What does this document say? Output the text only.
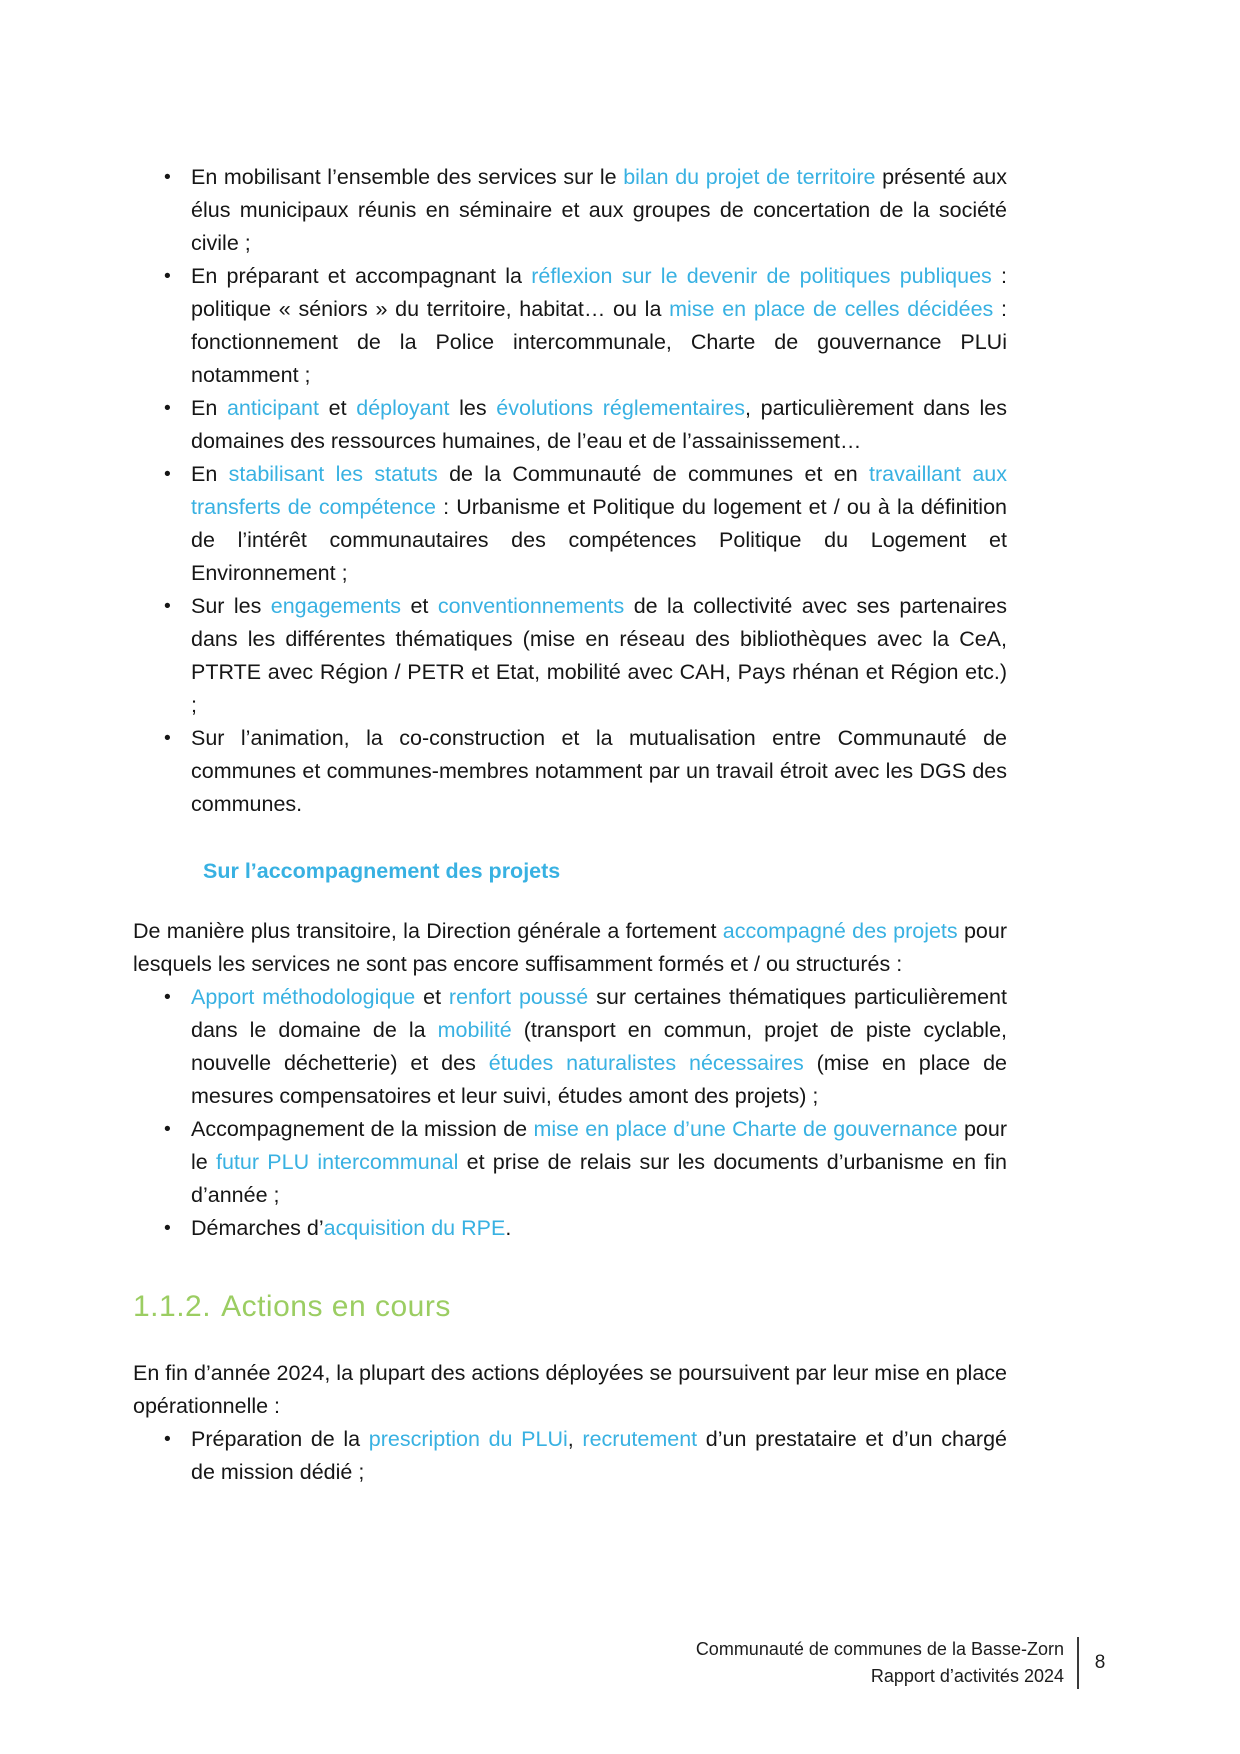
• En mobilisant l’ensemble des services sur le bilan du projet de territoire présenté aux élus municipaux réunis en séminaire et aux groupes de concertation de la société civile ;
• En préparant et accompagnant la réflexion sur le devenir de politiques publiques : politique « séniors » du territoire, habitat… ou la mise en place de celles décidées : fonctionnement de la Police intercommunale, Charte de gouvernance PLUi notamment ;
• En anticipant et déployant les évolutions réglementaires, particulièrement dans les domaines des ressources humaines, de l’eau et de l’assainissement…
• En stabilisant les statuts de la Communauté de communes et en travaillant aux transferts de compétence : Urbanisme et Politique du logement et / ou à la définition de l’intérêt communautaires des compétences Politique du Logement et Environnement ;
• Sur les engagements et conventionnements de la collectivité avec ses partenaires dans les différentes thématiques (mise en réseau des bibliothèques avec la CeA, PTRTE avec Région / PETR et Etat, mobilité avec CAH, Pays rhénan et Région etc.) ;
• Sur l’animation, la co-construction et la mutualisation entre Communauté de communes et communes-membres notamment par un travail étroit avec les DGS des communes.
Sur l’accompagnement des projets

De manière plus transitoire, la Direction générale a fortement accompagné des projets pour lesquels les services ne sont pas encore suffisamment formés et / ou structurés :

• Apport méthodologique et renfort poussé sur certaines thématiques particulièrement dans le domaine de la mobilité (transport en commun, projet de piste cyclable, nouvelle déchetterie) et des études naturalistes nécessaires (mise en place de mesures compensatoires et leur suivi, études amont des projets) ;
• Accompagnement de la mission de mise en place d’une Charte de gouvernance pour le futur PLU intercommunal et prise de relais sur les documents d’urbanisme en fin d’année ;
• Démarches d’acquisition du RPE.
1.1.2. Actions en cours

En fin d’année 2024, la plupart des actions déployées se poursuivent par leur mise en place opérationnelle :

• Préparation de la prescription du PLUi, recrutement d’un prestataire et d’un chargé de mission dédié ;
Communauté de communes de la Basse-Zorn
Rapport d’activités 2024
8
